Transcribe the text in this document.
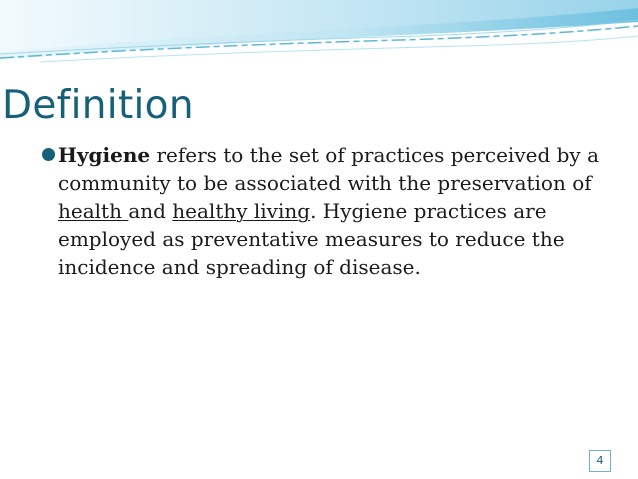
Definition
Hygiene refers to the set of practices perceived by a community to be associated with the preservation of health and healthy living. Hygiene practices are employed as preventative measures to reduce the incidence and spreading of disease.
4
